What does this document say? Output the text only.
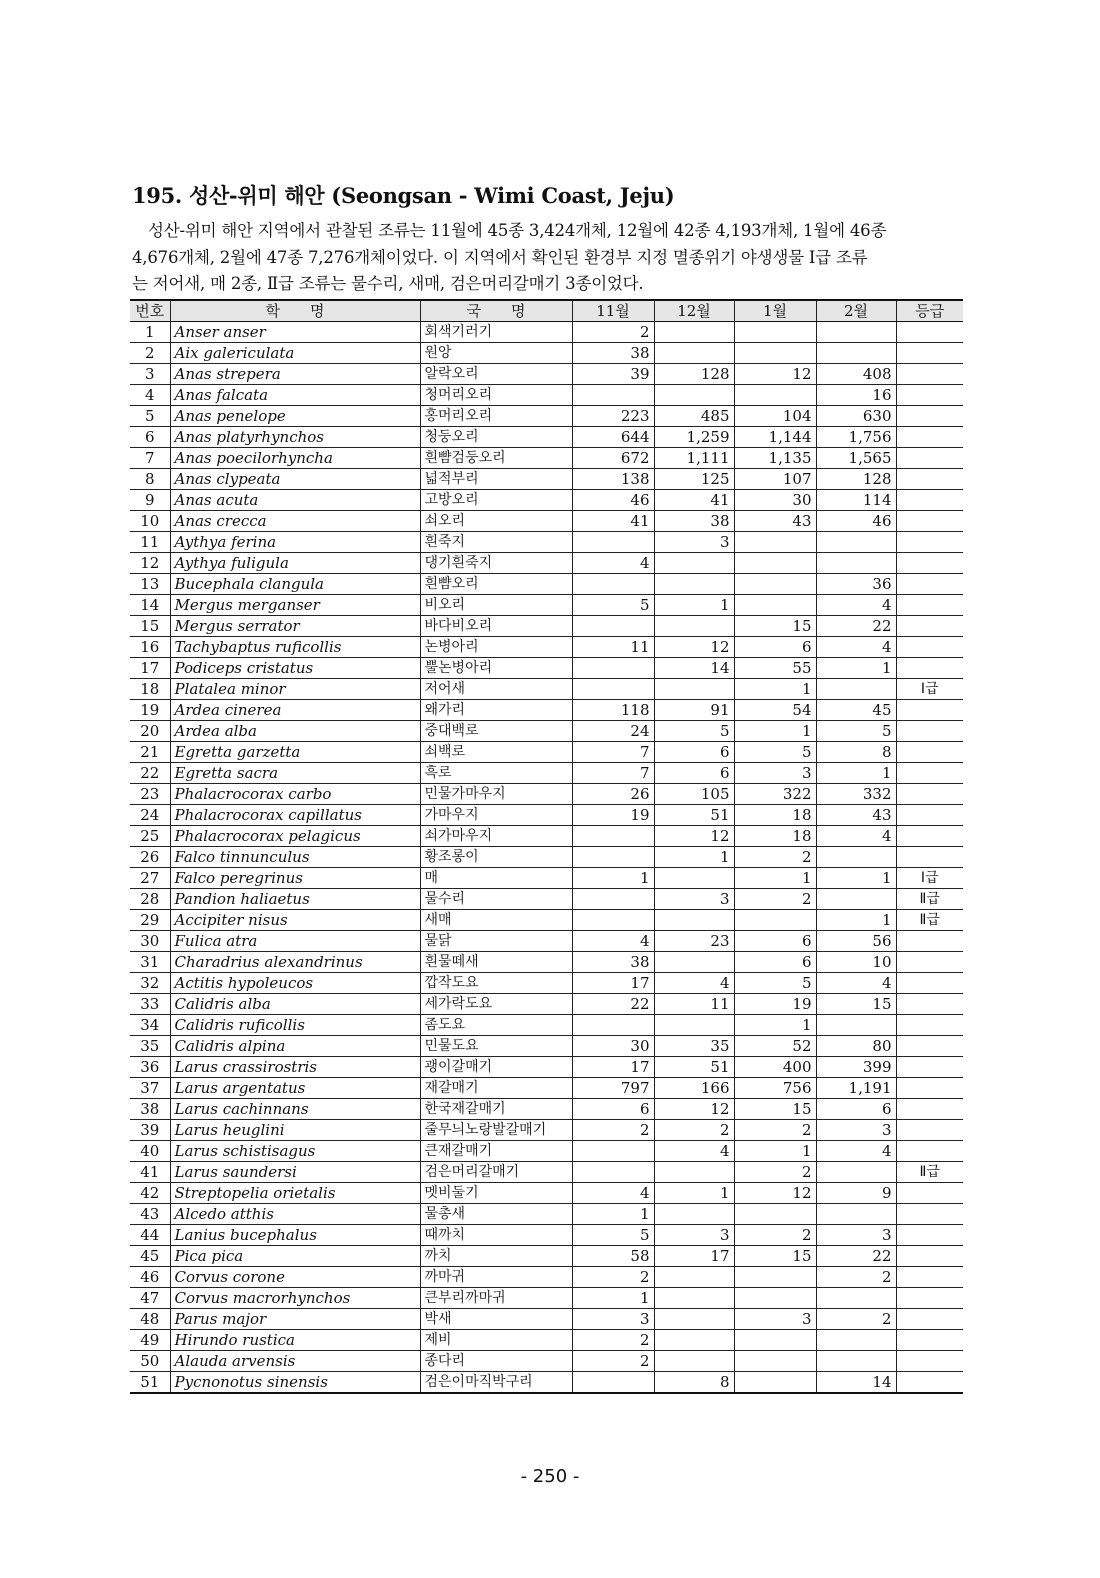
195. 성산-위미 해안 (Seongsan - Wimi Coast, Jeju)
성산-위미 해안 지역에서 관찰된 조류는 11월에 45종 3,424개체, 12월에 42종 4,193개체, 1월에 46종
4,676개체, 2월에 47종 7,276개체이었다. 이 지역에서 확인된 환경부 지정 멸종위기 야생생물 Ⅰ급 조류
는 저어새, 매 2종, Ⅱ급 조류는 물수리, 새매, 검은머리갈매기 3종이었다.
번호	학　　명	국　　명	11월	12월	1월	2월	등급
1	Anser anser	회색기러기	2				
2	Aix galericulata	원앙	38				
3	Anas strepera	알락오리	39	128	12	408	
4	Anas falcata	청머리오리				16	
5	Anas penelope	홍머리오리	223	485	104	630	
6	Anas platyrhynchos	청둥오리	644	1,259	1,144	1,756	
7	Anas poecilorhyncha	흰뺨검둥오리	672	1,111	1,135	1,565	
8	Anas clypeata	넓적부리	138	125	107	128	
9	Anas acuta	고방오리	46	41	30	114	
10	Anas crecca	쇠오리	41	38	43	46	
11	Aythya ferina	흰죽지		3			
12	Aythya fuligula	댕기흰죽지	4				
13	Bucephala clangula	흰뺨오리				36	
14	Mergus merganser	비오리	5	1		4	
15	Mergus serrator	바다비오리			15	22	
16	Tachybaptus ruficollis	논병아리	11	12	6	4	
17	Podiceps cristatus	뿔논병아리		14	55	1	
18	Platalea minor	저어새			1		Ⅰ급
19	Ardea cinerea	왜가리	118	91	54	45	
20	Ardea alba	중대백로	24	5	1	5	
21	Egretta garzetta	쇠백로	7	6	5	8	
22	Egretta sacra	흑로	7	6	3	1	
23	Phalacrocorax carbo	민물가마우지	26	105	322	332	
24	Phalacrocorax capillatus	가마우지	19	51	18	43	
25	Phalacrocorax pelagicus	쇠가마우지		12	18	4	
26	Falco tinnunculus	황조롱이		1	2		
27	Falco peregrinus	매	1		1	1	Ⅰ급
28	Pandion haliaetus	물수리		3	2		Ⅱ급
29	Accipiter nisus	새매				1	Ⅱ급
30	Fulica atra	물닭	4	23	6	56	
31	Charadrius alexandrinus	흰물떼새	38		6	10	
32	Actitis hypoleucos	깝작도요	17	4	5	4	
33	Calidris alba	세가락도요	22	11	19	15	
34	Calidris ruficollis	좀도요			1		
35	Calidris alpina	민물도요	30	35	52	80	
36	Larus crassirostris	괭이갈매기	17	51	400	399	
37	Larus argentatus	재갈매기	797	166	756	1,191	
38	Larus cachinnans	한국재갈매기	6	12	15	6	
39	Larus heuglini	줄무늬노랑발갈매기	2	2	2	3	
40	Larus schistisagus	큰재갈매기		4	1	4	
41	Larus saundersi	검은머리갈매기			2		Ⅱ급
42	Streptopelia orietalis	멧비둘기	4	1	12	9	
43	Alcedo atthis	물총새	1				
44	Lanius bucephalus	때까치	5	3	2	3	
45	Pica pica	까치	58	17	15	22	
46	Corvus corone	까마귀	2			2	
47	Corvus macrorhynchos	큰부리까마귀	1				
48	Parus major	박새	3		3	2	
49	Hirundo rustica	제비	2				
50	Alauda arvensis	종다리	2				
51	Pycnonotus sinensis	검은이마직박구리		8		14	
- 250 -
